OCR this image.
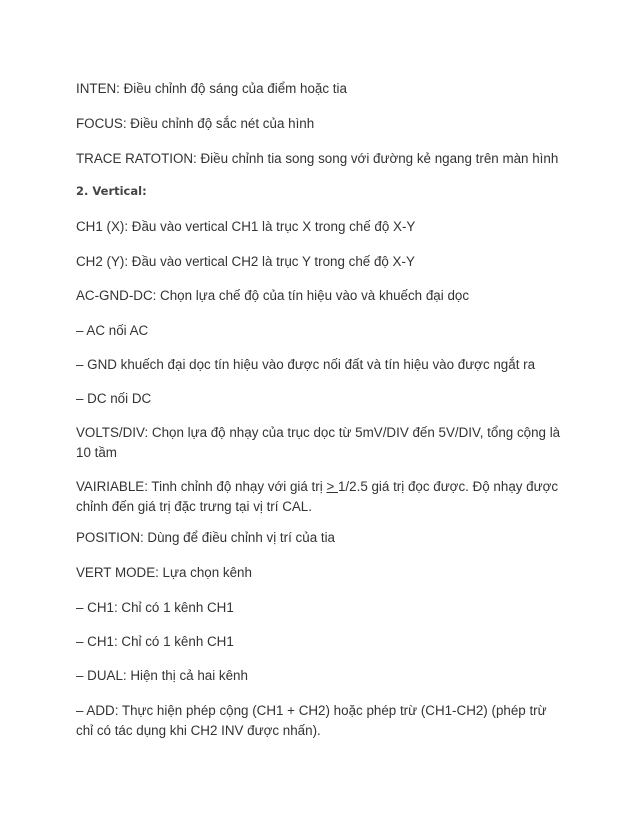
INTEN: Điều chỉnh độ sáng của điểm hoặc tia

FOCUS: Điều chỉnh độ sắc nét của hình

TRACE RATOTION: Điều chỉnh tia song song với đường kẻ ngang trên màn hình

2. Vertical:

CH1 (X): Đầu vào vertical CH1 là trục X trong chế độ X-Y

CH2 (Y): Đầu vào vertical CH2 là trục Y trong chế độ X-Y

AC-GND-DC: Chọn lựa chế độ của tín hiệu vào và khuếch đại dọc

– AC nối AC

– GND khuếch đại dọc tín hiệu vào được nối đất và tín hiệu vào được ngắt ra

– DC nối DC

VOLTS/DIV: Chọn lựa độ nhạy của trục dọc từ 5mV/DIV đến 5V/DIV, tổng cộng là 10 tầm

VAIRIABLE: Tinh chỉnh độ nhạy với giá trị > 1/2.5 giá trị đọc được. Độ nhạy được chỉnh đến giá trị đặc trưng tại vị trí CAL.

POSITION: Dùng để điều chỉnh vị trí của tia

VERT MODE: Lựa chọn kênh

– CH1: Chỉ có 1 kênh CH1

– CH1: Chỉ có 1 kênh CH1

– DUAL: Hiện thị cả hai kênh

– ADD: Thực hiện phép cộng (CH1 + CH2) hoặc phép trừ (CH1-CH2) (phép trừ chỉ có tác dụng khi CH2 INV được nhấn).
